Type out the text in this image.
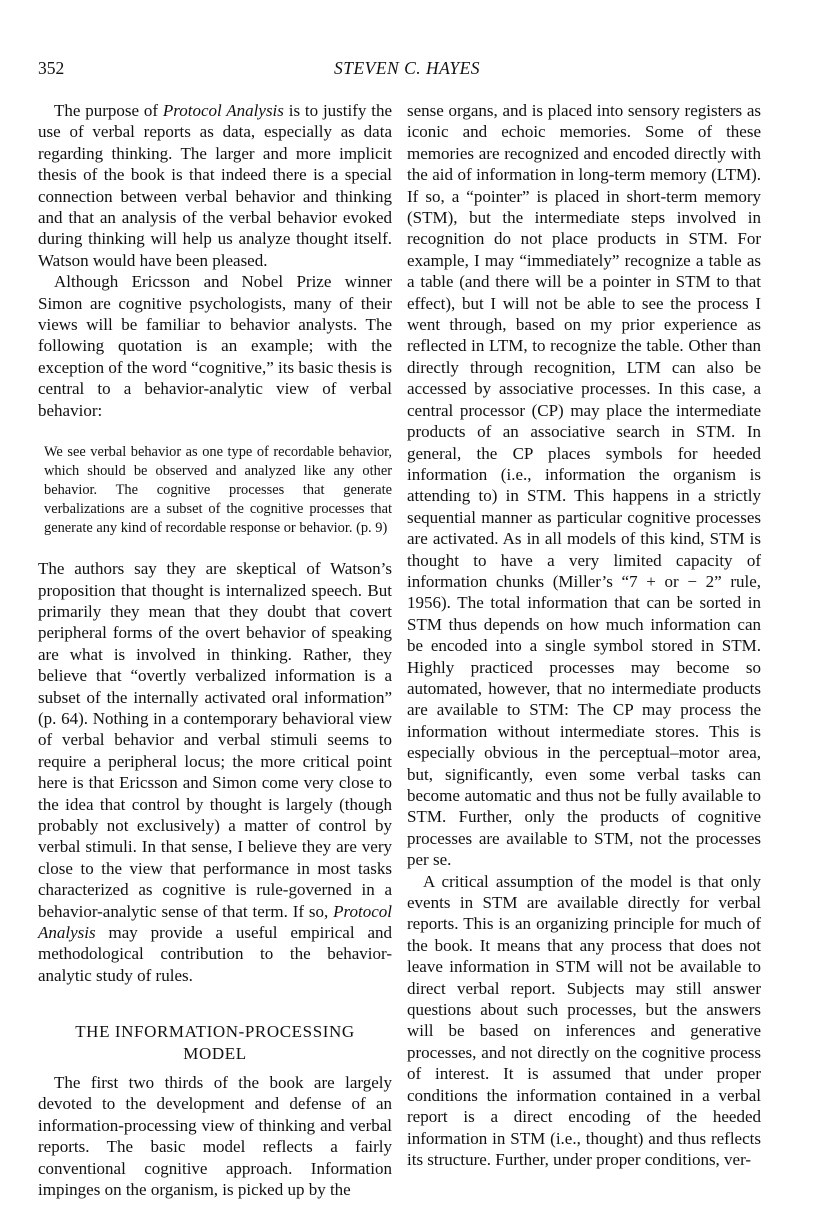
352	STEVEN C. HAYES

The purpose of Protocol Analysis is to justify the use of verbal reports as data, especially as data regarding thinking. The larger and more implicit thesis of the book is that indeed there is a special connection between verbal behavior and thinking and that an analysis of the verbal behavior evoked during thinking will help us analyze thought itself. Watson would have been pleased.

Although Ericsson and Nobel Prize winner Simon are cognitive psychologists, many of their views will be familiar to behavior analysts. The following quotation is an example; with the exception of the word “cognitive,” its basic thesis is central to a behavior-analytic view of verbal behavior:

We see verbal behavior as one type of recordable behavior, which should be observed and analyzed like any other behavior. The cognitive processes that generate verbalizations are a subset of the cognitive processes that generate any kind of recordable response or behavior. (p. 9)

The authors say they are skeptical of Watson’s proposition that thought is internalized speech. But primarily they mean that they doubt that covert peripheral forms of the overt behavior of speaking are what is involved in thinking. Rather, they believe that “overtly verbalized information is a subset of the internally activated oral information” (p. 64). Nothing in a contemporary behavioral view of verbal behavior and verbal stimuli seems to require a peripheral locus; the more critical point here is that Ericsson and Simon come very close to the idea that control by thought is largely (though probably not exclusively) a matter of control by verbal stimuli. In that sense, I believe they are very close to the view that performance in most tasks characterized as cognitive is rule-governed in a behavior-analytic sense of that term. If so, Protocol Analysis may provide a useful empirical and methodological contribution to the behavior-analytic study of rules.

THE INFORMATION-PROCESSING
MODEL

The first two thirds of the book are largely devoted to the development and defense of an information-processing view of thinking and verbal reports. The basic model reflects a fairly conventional cognitive approach. Information impinges on the organism, is picked up by the

sense organs, and is placed into sensory registers as iconic and echoic memories. Some of these memories are recognized and encoded directly with the aid of information in long-term memory (LTM). If so, a “pointer” is placed in short-term memory (STM), but the intermediate steps involved in recognition do not place products in STM. For example, I may “immediately” recognize a table as a table (and there will be a pointer in STM to that effect), but I will not be able to see the process I went through, based on my prior experience as reflected in LTM, to recognize the table. Other than directly through recognition, LTM can also be accessed by associative processes. In this case, a central processor (CP) may place the intermediate products of an associative search in STM. In general, the CP places symbols for heeded information (i.e., information the organism is attending to) in STM. This happens in a strictly sequential manner as particular cognitive processes are activated. As in all models of this kind, STM is thought to have a very limited capacity of information chunks (Miller’s “7 + or − 2” rule, 1956). The total information that can be sorted in STM thus depends on how much information can be encoded into a single symbol stored in STM. Highly practiced processes may become so automated, however, that no intermediate products are available to STM: The CP may process the information without intermediate stores. This is especially obvious in the perceptual–motor area, but, significantly, even some verbal tasks can become automatic and thus not be fully available to STM. Further, only the products of cognitive processes are available to STM, not the processes per se.

A critical assumption of the model is that only events in STM are available directly for verbal reports. This is an organizing principle for much of the book. It means that any process that does not leave information in STM will not be available to direct verbal report. Subjects may still answer questions about such processes, but the answers will be based on inferences and generative processes, and not directly on the cognitive process of interest. It is assumed that under proper conditions the information contained in a verbal report is a direct encoding of the heeded information in STM (i.e., thought) and thus reflects its structure. Further, under proper conditions, ver-
